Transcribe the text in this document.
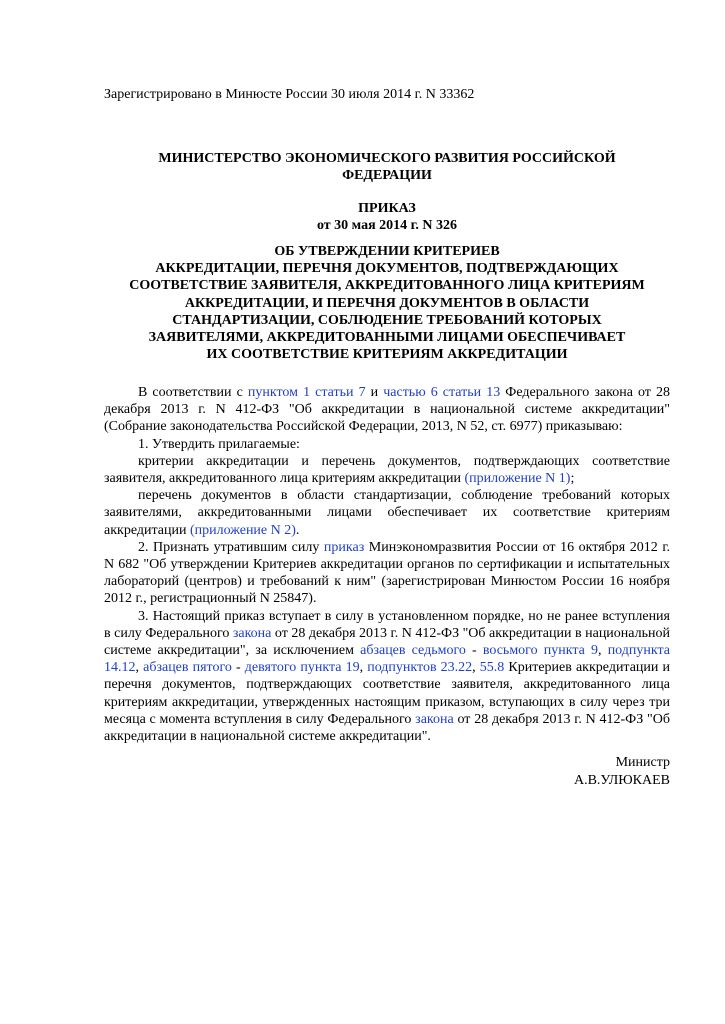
Зарегистрировано в Минюсте России 30 июля 2014 г. N 33362
МИНИСТЕРСТВО ЭКОНОМИЧЕСКОГО РАЗВИТИЯ РОССИЙСКОЙ
ФЕДЕРАЦИИ
ПРИКАЗ
от 30 мая 2014 г. N 326
ОБ УТВЕРЖДЕНИИ КРИТЕРИЕВ
АККРЕДИТАЦИИ, ПЕРЕЧНЯ ДОКУМЕНТОВ, ПОДТВЕРЖДАЮЩИХ
СООТВЕТСТВИЕ ЗАЯВИТЕЛЯ, АККРЕДИТОВАННОГО ЛИЦА КРИТЕРИЯМ
АККРЕДИТАЦИИ, И ПЕРЕЧНЯ ДОКУМЕНТОВ В ОБЛАСТИ
СТАНДАРТИЗАЦИИ, СОБЛЮДЕНИЕ ТРЕБОВАНИЙ КОТОРЫХ
ЗАЯВИТЕЛЯМИ, АККРЕДИТОВАННЫМИ ЛИЦАМИ ОБЕСПЕЧИВАЕТ
ИХ СООТВЕТСТВИЕ КРИТЕРИЯМ АККРЕДИТАЦИИ

В соответствии с пунктом 1 статьи 7 и частью 6 статьи 13 Федерального закона от 28 декабря 2013 г. N 412-ФЗ "Об аккредитации в национальной системе аккредитации" (Собрание законодательства Российской Федерации, 2013, N 52, ст. 6977) приказываю:

1. Утвердить прилагаемые:

критерии аккредитации и перечень документов, подтверждающих соответствие заявителя, аккредитованного лица критериям аккредитации (приложение N 1);

перечень документов в области стандартизации, соблюдение требований которых заявителями, аккредитованными лицами обеспечивает их соответствие критериям аккредитации (приложение N 2).

2. Признать утратившим силу приказ Минэкономразвития России от 16 октября 2012 г. N 682 "Об утверждении Критериев аккредитации органов по сертификации и испытательных лабораторий (центров) и требований к ним" (зарегистрирован Минюстом России 16 ноября 2012 г., регистрационный N 25847).

3. Настоящий приказ вступает в силу в установленном порядке, но не ранее вступления в силу Федерального закона от 28 декабря 2013 г. N 412-ФЗ "Об аккредитации в национальной системе аккредитации", за исключением абзацев седьмого - восьмого пункта 9, подпункта 14.12, абзацев пятого - девятого пункта 19, подпунктов 23.22, 55.8 Критериев аккредитации и перечня документов, подтверждающих соответствие заявителя, аккредитованного лица критериям аккредитации, утвержденных настоящим приказом, вступающих в силу через три месяца с момента вступления в силу Федерального закона от 28 декабря 2013 г. N 412-ФЗ "Об аккредитации в национальной системе аккредитации".

Министр
А.В.УЛЮКАЕВ
